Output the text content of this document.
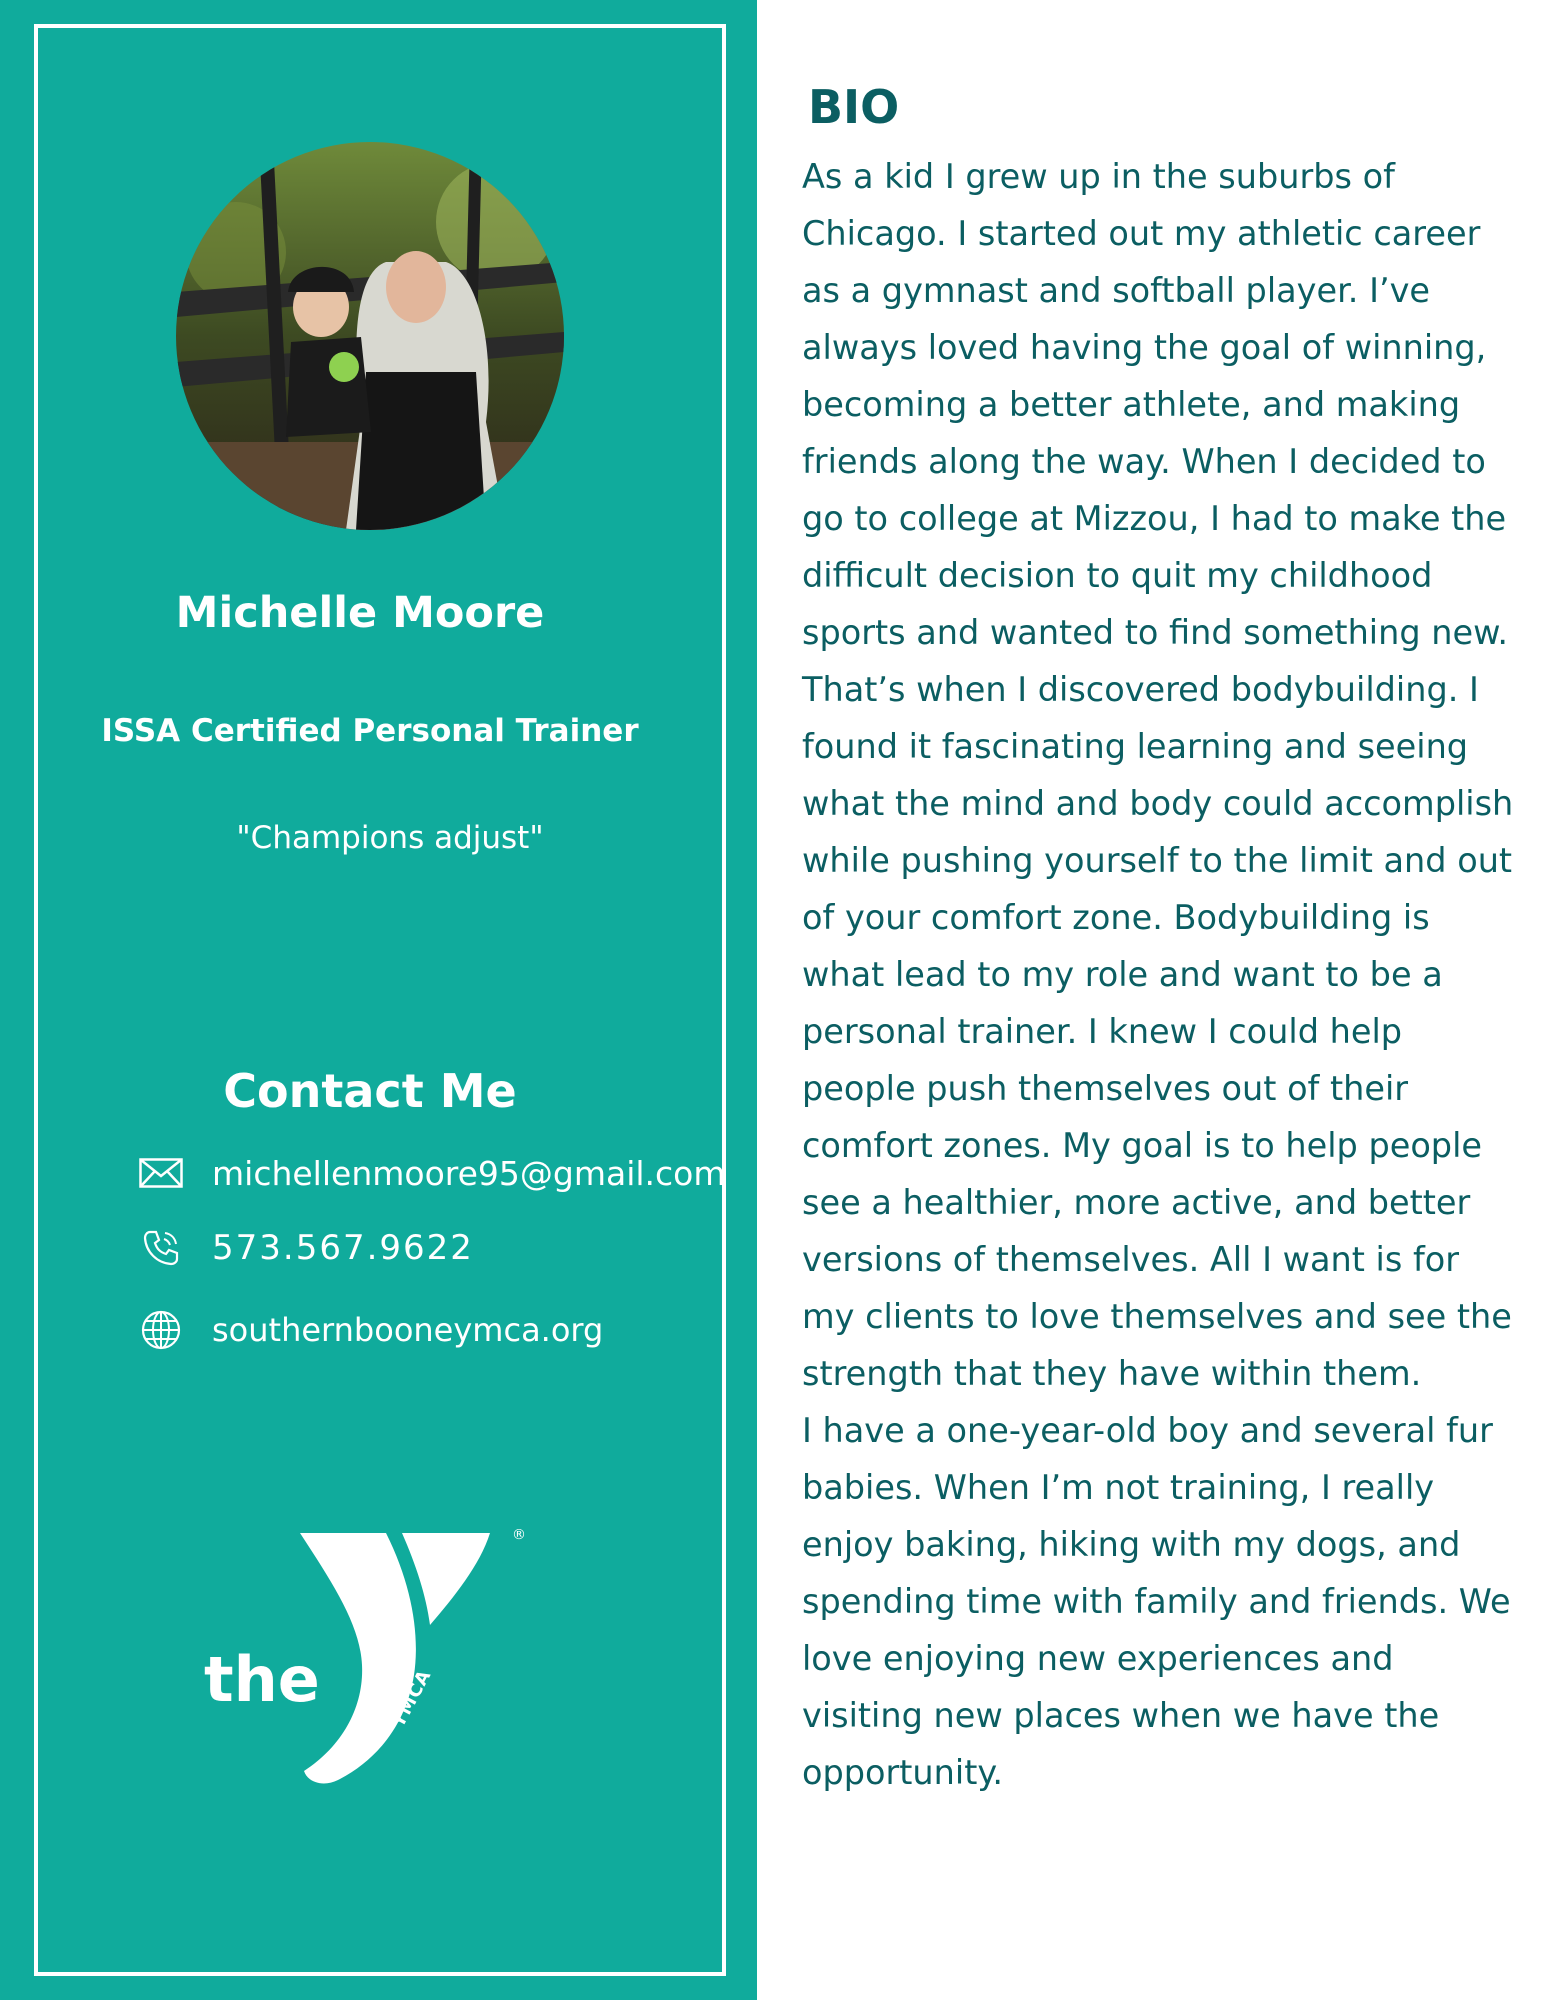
Michelle Moore
ISSA Certified Personal Trainer
"Champions adjust"
Contact Me
michellenmoore95@gmail.com
573.567.9622
southernbooneymca.org
the
®
YMCA
BIO

As a kid I grew up in the suburbs of Chicago. I started out my athletic career as a gymnast and softball player. I’ve always loved having the goal of winning, becoming a better athlete, and making friends along the way. When I decided to go to college at Mizzou, I had to make the difficult decision to quit my childhood sports and wanted to find something new. That’s when I discovered bodybuilding. I found it fascinating learning and seeing what the mind and body could accomplish while pushing yourself to the limit and out of your comfort zone. Bodybuilding is what lead to my role and want to be a personal trainer. I knew I could help people push themselves out of their comfort zones. My goal is to help people see a healthier, more active, and better versions of themselves. All I want is for my clients to love themselves and see the strength that they have within them.

I have a one-year-old boy and several fur babies. When I’m not training, I really enjoy baking, hiking with my dogs, and spending time with family and friends. We love enjoying new experiences and visiting new places when we have the opportunity.
